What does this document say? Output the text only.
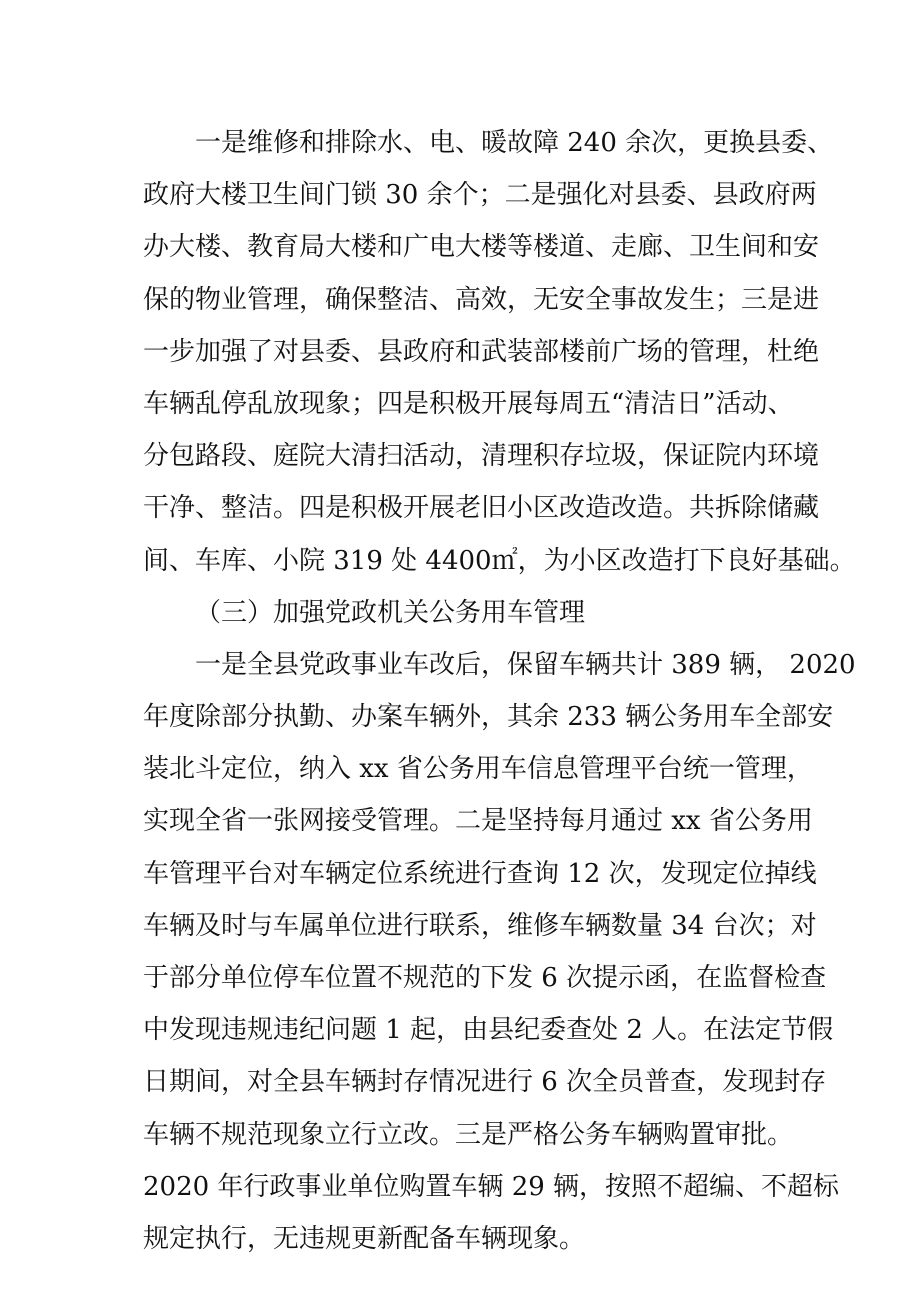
一是维修和排除水、电、暖故障 240 余次，更换县委、
政府大楼卫生间门锁 30 余个；二是强化对县委、县政府两
办大楼、教育局大楼和广电大楼等楼道、走廊、卫生间和安
保的物业管理，确保整洁、高效，无安全事故发生；三是进
一步加强了对县委、县政府和武装部楼前广场的管理，杜绝
车辆乱停乱放现象；四是积极开展每周五“清洁日”活动、
分包路段、庭院大清扫活动，清理积存垃圾，保证院内环境
干净、整洁。四是积极开展老旧小区改造改造。共拆除储藏
间、车库、小院 319 处 4400㎡，为小区改造打下良好基础。
（三）加强党政机关公务用车管理
一是全县党政事业车改后，保留车辆共计 389 辆， 2020
年度除部分执勤、办案车辆外，其余 233 辆公务用车全部安
装北斗定位，纳入 xx 省公务用车信息管理平台统一管理，
实现全省一张网接受管理。二是坚持每月通过 xx 省公务用
车管理平台对车辆定位系统进行查询 12 次，发现定位掉线
车辆及时与车属单位进行联系，维修车辆数量 34 台次；对
于部分单位停车位置不规范的下发 6 次提示函，在监督检查
中发现违规违纪问题 1 起，由县纪委查处 2 人。在法定节假
日期间，对全县车辆封存情况进行 6 次全员普查，发现封存
车辆不规范现象立行立改。三是严格公务车辆购置审批。
2020 年行政事业单位购置车辆 29 辆，按照不超编、不超标
规定执行，无违规更新配备车辆现象。
